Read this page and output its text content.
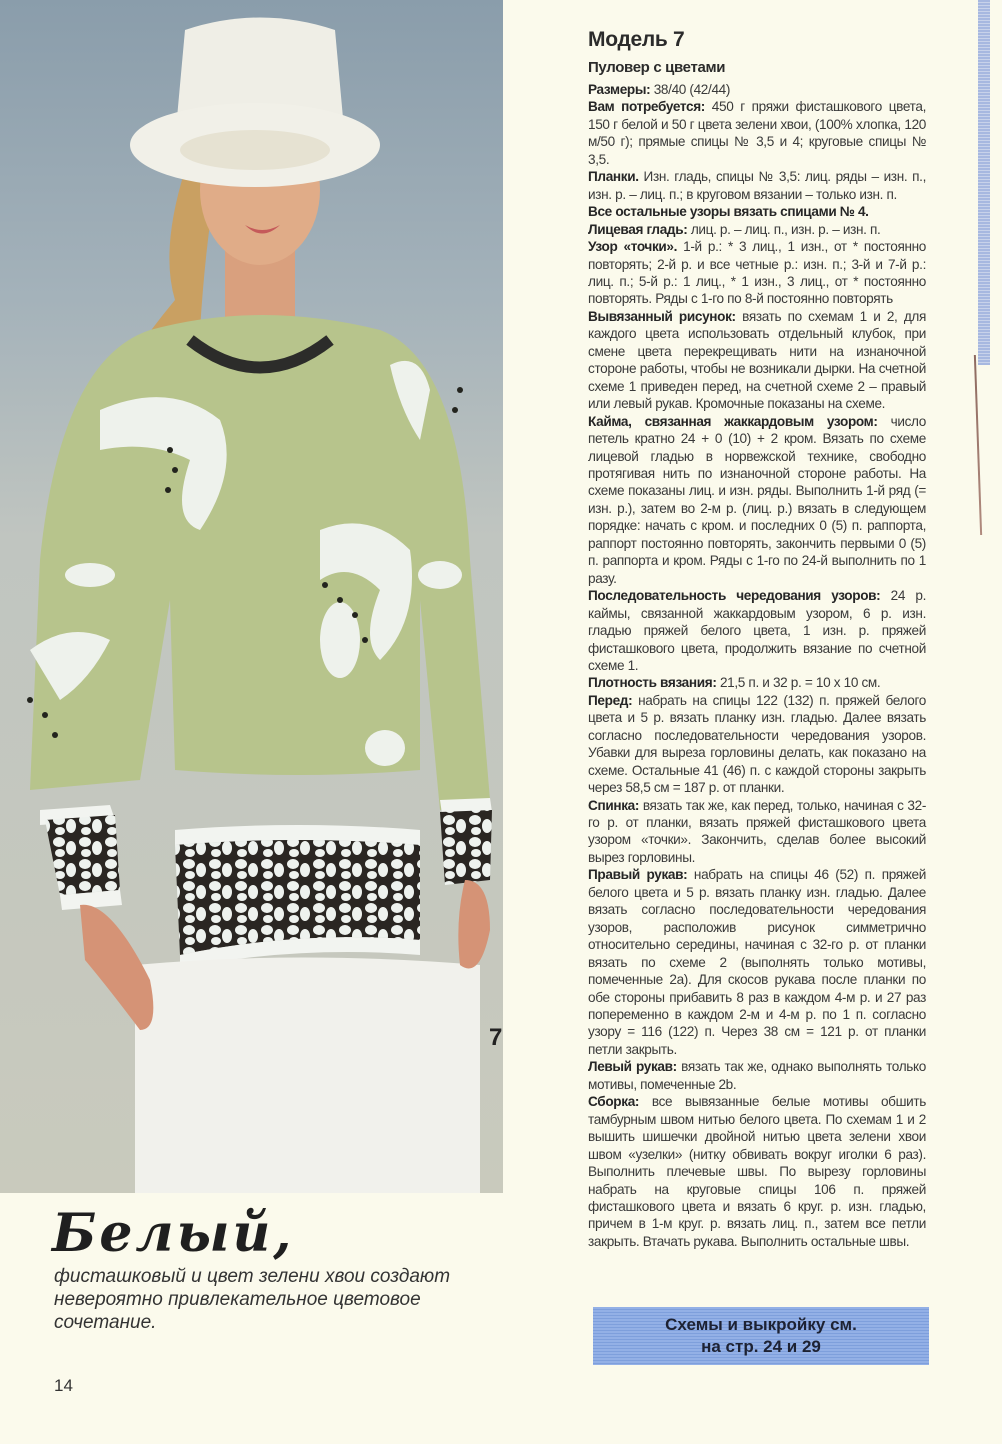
7
Модель 7
Пуловер с цветами

Размеры: 38/40 (42/44)

Вам потребуется: 450 г пряжи фисташкового цвета, 150 г белой и 50 г цвета зелени хвои, (100% хлопка, 120 м/50 г); прямые спицы № 3,5 и 4; круговые спицы № 3,5.

Планки. Изн. гладь, спицы № 3,5: лиц. ряды – изн. п., изн. р. – лиц. п.; в круговом вязании – только изн. п.

Все остальные узоры вязать спицами № 4.

Лицевая гладь: лиц. р. – лиц. п., изн. р. – изн. п.

Узор «точки». 1-й р.: * 3 лиц., 1 изн., от * постоянно повторять; 2-й р. и все четные р.: изн. п.; 3-й и 7-й р.: лиц. п.; 5-й р.: 1 лиц., * 1 изн., 3 лиц., от * постоянно повторять. Ряды с 1-го по 8-й постоянно повторять

Вывязанный рисунок: вязать по схемам 1 и 2, для каждого цвета использовать отдельный клубок, при смене цвета перекрещивать нити на изнаночной стороне работы, чтобы не возникали дырки. На счетной схеме 1 приведен перед, на счетной схеме 2 – правый или левый рукав. Кромочные показаны на схеме.

Кайма, связанная жаккардовым узором: число петель кратно 24 + 0 (10) + 2 кром. Вязать по схеме лицевой гладью в норвежской технике, свободно протягивая нить по изнаночной стороне работы. На схеме показаны лиц. и изн. ряды. Выполнить 1-й ряд (= изн. р.), затем во 2-м р. (лиц. р.) вязать в следующем порядке: начать с кром. и последних 0 (5) п. раппорта, раппорт постоянно повторять, закончить первыми 0 (5) п. раппорта и кром. Ряды с 1-го по 24-й выполнить по 1 разу.

Последовательность чередования узоров: 24 р. каймы, связанной жаккардовым узором, 6 р. изн. гладью пряжей белого цвета, 1 изн. р. пряжей фисташкового цвета, продолжить вязание по счетной схеме 1.

Плотность вязания: 21,5 п. и 32 р. = 10 х 10 см.

Перед: набрать на спицы 122 (132) п. пряжей белого цвета и 5 р. вязать планку изн. гладью. Далее вязать согласно последовательности чередования узоров. Убавки для выреза горловины делать, как показано на схеме. Остальные 41 (46) п. с каждой стороны закрыть через 58,5 см = 187 р. от планки.

Спинка: вязать так же, как перед, только, начиная с 32-го р. от планки, вязать пряжей фисташкового цвета узором «точки». Закончить, сделав более высокий вырез горловины.

Правый рукав: набрать на спицы 46 (52) п. пряжей белого цвета и 5 р. вязать планку изн. гладью. Далее вязать согласно последовательности чередования узоров, расположив рисунок симметрично относительно середины, начиная с 32-го р. от планки вязать по схеме 2 (выполнять только мотивы, помеченные 2а). Для скосов рукава после планки по обе стороны прибавить 8 раз в каждом 4-м р. и 27 раз попеременно в каждом 2-м и 4-м р. по 1 п. согласно узору = 116 (122) п. Через 38 см = 121 р. от планки петли закрыть.

Левый рукав: вязать так же, однако выполнять только мотивы, помеченные 2b.

Сборка: все вывязанные белые мотивы обшить тамбурным швом нитью белого цвета. По схемам 1 и 2 вышить шишечки двойной нитью цвета зелени хвои швом «узелки» (нитку обвивать вокруг иголки 6 раз). Выполнить плечевые швы. По вырезу горловины набрать на круговые спицы 106 п. пряжей фисташкового цвета и вязать 6 круг. р. изн. гладью, причем в 1-м круг. р. вязать лиц. п., затем все петли закрыть. Втачать рукава. Выполнить остальные швы.

Белый,
фисташковый и цвет зелени хвои создают невероятно привлекательное цветовое сочетание.	Схемы и выкройку см.
на стр. 24 и 29
14
